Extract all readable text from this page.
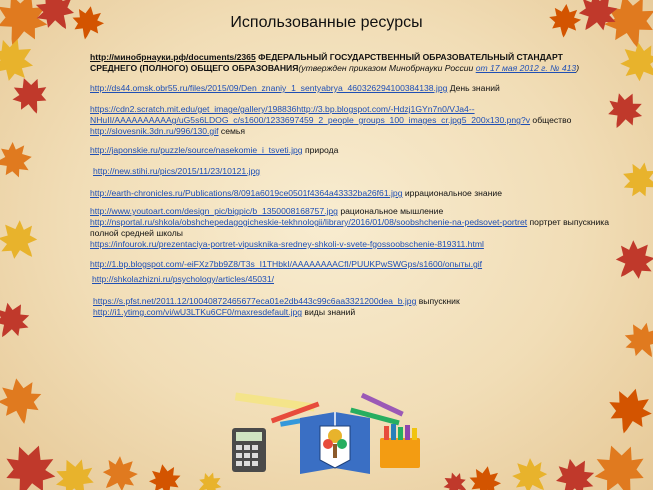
Использованные ресурсы
http://минобрнауки.рф/documents/2365 ФЕДЕРАЛЬНЫЙ ГОСУДАРСТВЕННЫЙ ОБРАЗОВАТЕЛЬНЫЙ СТАНДАРТ СРЕДНЕГО (ПОЛНОГО) ОБЩЕГО ОБРАЗОВАНИЯ(утвержден приказом Минобрнауки России от 17 мая 2012 г. № 413)
http://ds44.omsk.obr55.ru/files/2015/09/Den_znaniy_1_sentyabrya_460326294100384138.jpg День знаний
https://cdn2.scratch.mit.edu/get_image/gallery/198836http://3.bp.blogspot.com/-Hdzj1GYn7n0/VJa4--NHuII/AAAAAAAAAAg/uG5s6LDOG_c/s1600/1233697459_2_people_groups_100_images_cr.jpg5_200x130.png?v общество
http://slovesnik.3dn.ru/996/130.gif семья
http://japonskie.ru/puzzle/source/nasekomie_i_tsveti.jpg природа
http://new.stihi.ru/pics/2015/11/23/10121.jpg
http://earth-chronicles.ru/Publications/8/091a6019ce0501f4364a43332ba26f61.jpg иррациональное знание
http://www.youtoart.com/design_pic/bigpic/b_1350008168757.jpg рациональное мышление
http://nsportal.ru/shkola/obshchepedagogicheskie-tekhnologii/library/2016/01/08/soobshchenie-na-pedsovet-portret портрет выпускника полной средней школы
https://infourok.ru/prezentaciya-portret-vipusknika-sredney-shkoli-v-svete-fgossoobschenie-819311.html
http://1.bp.blogspot.com/-eiFXz7bb9Z8/T3s_I1THbkI/AAAAAAAACfI/PUUKPwSWGps/s1600/опыты.gif
http://shkolazhizni.ru/psychology/articles/45031/
https://s.pfst.net/2011.12/10040872465677eca01e2db443c99c6aa3321200dea_b.jpg выпускник
http://i1.ytimg.com/vi/wU3LTKu6CF0/maxresdefault.jpg виды знаний
